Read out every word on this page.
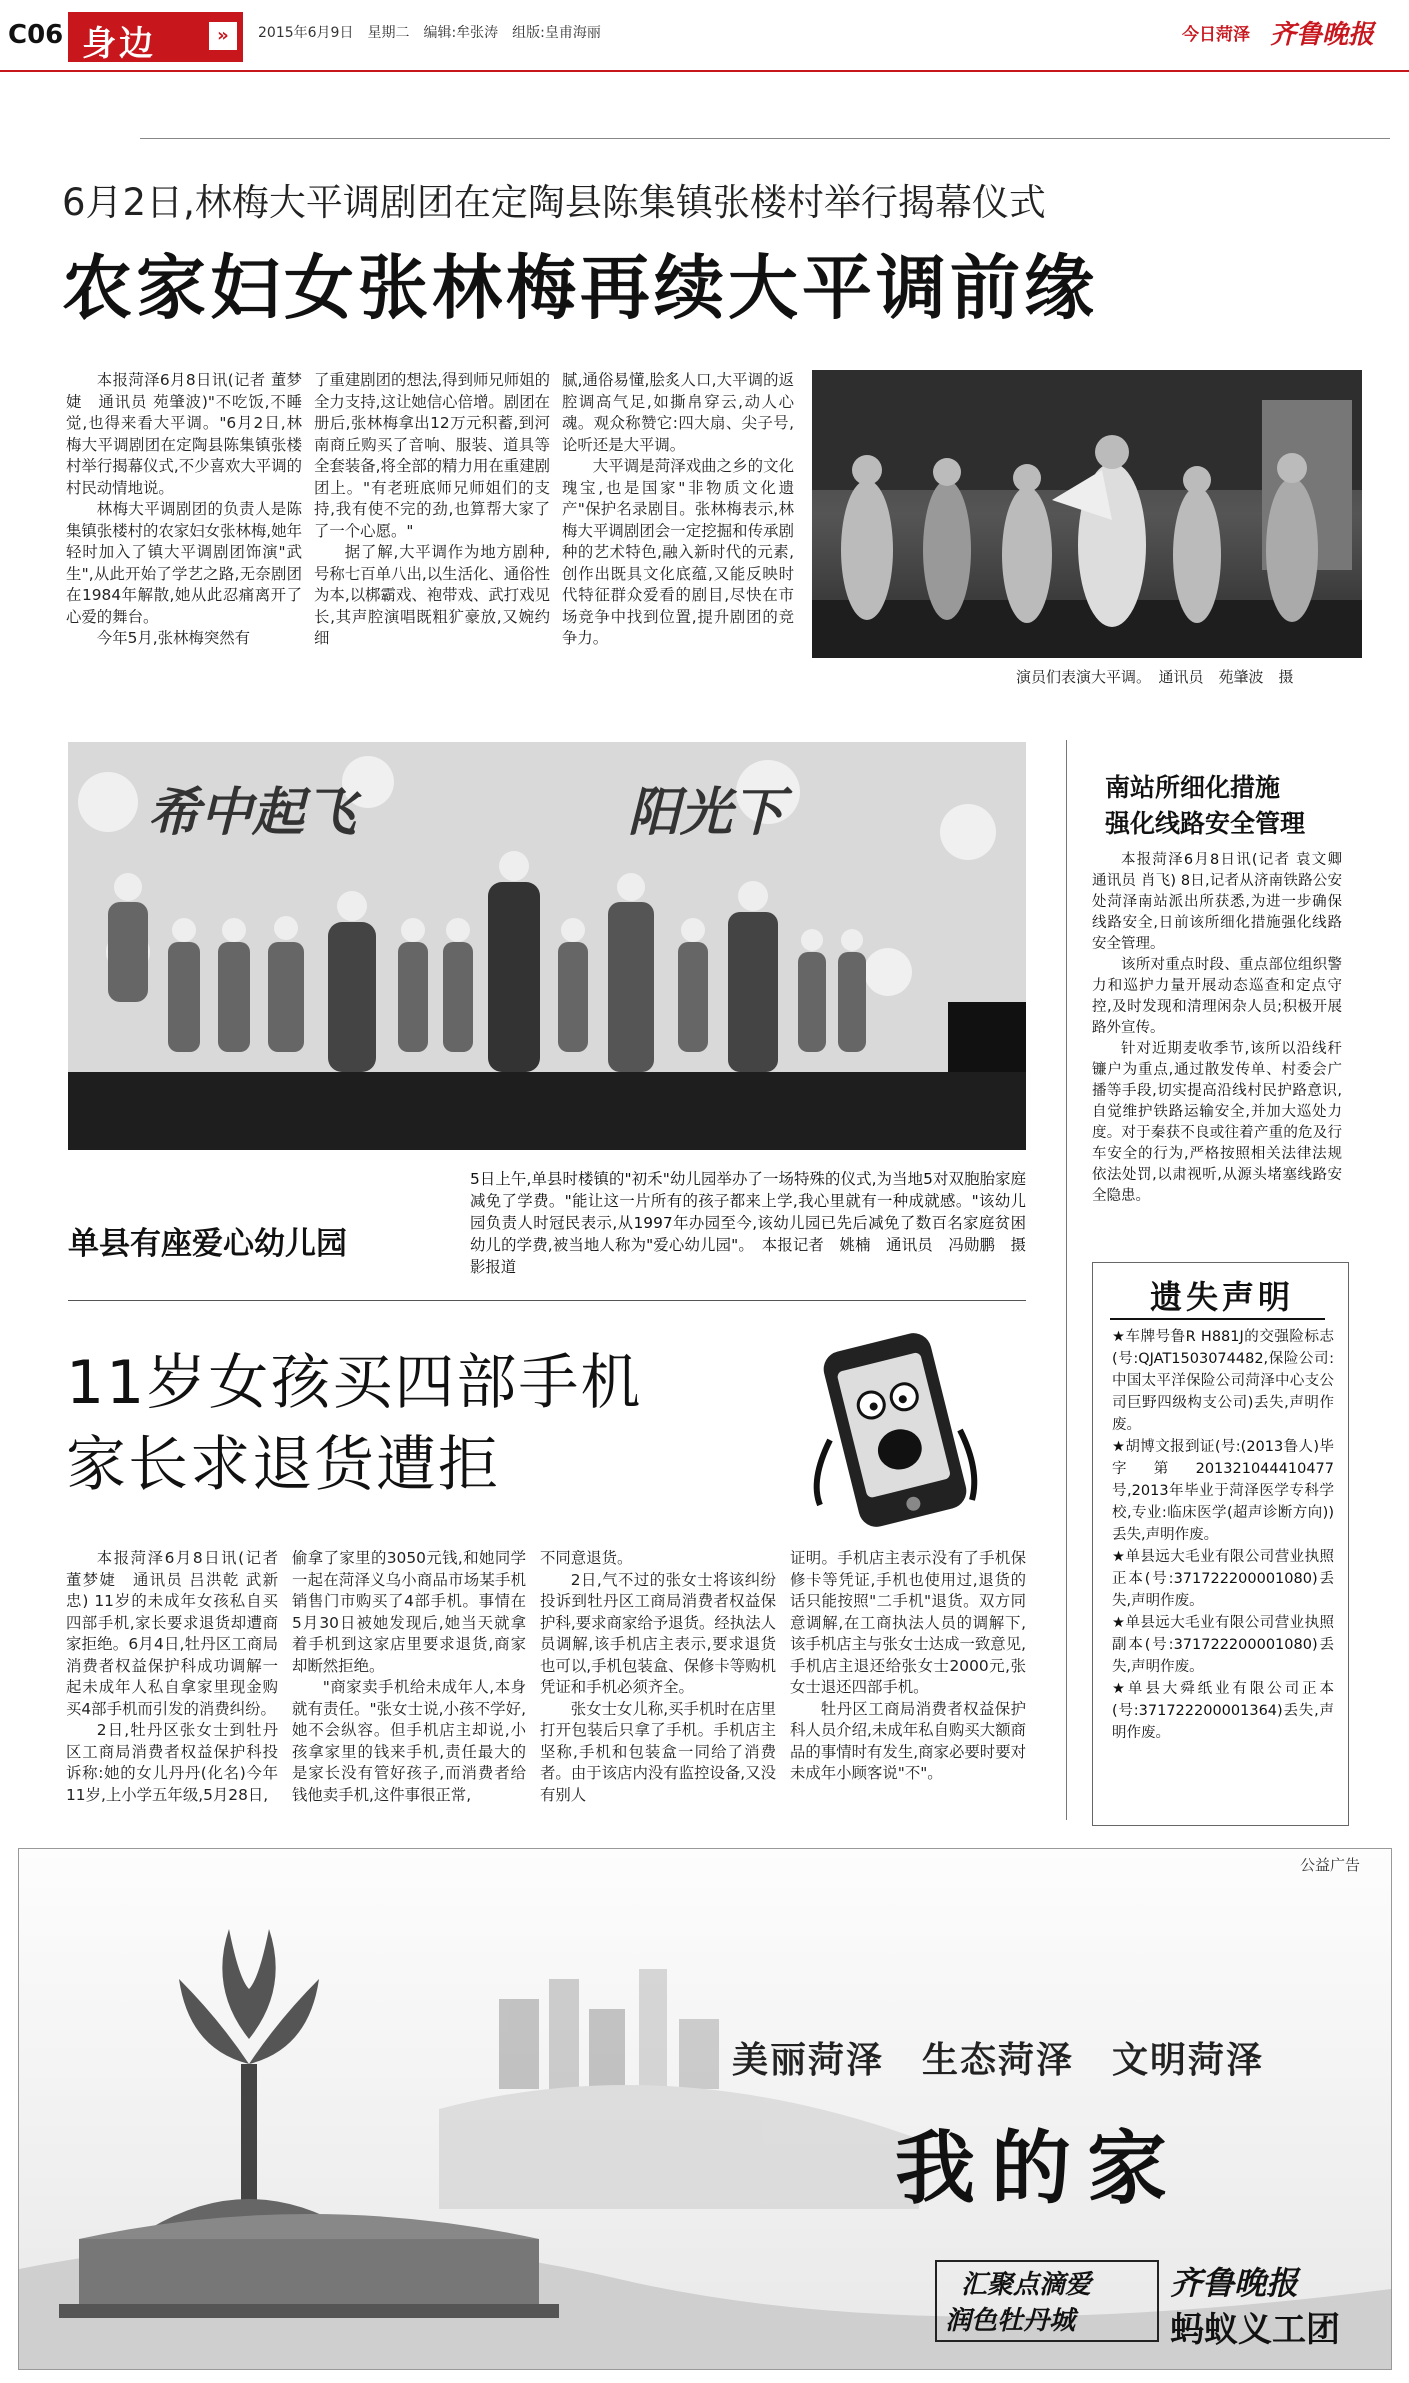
C06 身边	»	2015年6月9日　星期二　编辑:牟张涛　组版:皇甫海丽	今日菏泽 齐鲁晚报
6月2日,林梅大平调剧团在定陶县陈集镇张楼村举行揭幕仪式
农家妇女张林梅再续大平调前缘

本报菏泽6月8日讯(记者 董梦婕　通讯员 苑肇波)"不吃饭,不睡觉,也得来看大平调。"6月2日,林梅大平调剧团在定陶县陈集镇张楼村举行揭幕仪式,不少喜欢大平调的村民动情地说。

林梅大平调剧团的负责人是陈集镇张楼村的农家妇女张林梅,她年轻时加入了镇大平调剧团饰演"武生",从此开始了学艺之路,无奈剧团在1984年解散,她从此忍痛离开了心爱的舞台。

今年5月,张林梅突然有

了重建剧团的想法,得到师兄师姐的全力支持,这让她信心倍增。剧团在册后,张林梅拿出12万元积蓄,到河南商丘购买了音响、服装、道具等全套装备,将全部的精力用在重建剧团上。"有老班底师兄师姐们的支持,我有使不完的劲,也算帮大家了了一个心愿。"

据了解,大平调作为地方剧种,号称七百单八出,以生活化、通俗性为本,以梆霸戏、袍带戏、武打戏见长,其声腔演唱既粗犷豪放,又婉约细

腻,通俗易懂,脍炙人口,大平调的返腔调高气足,如撕帛穿云,动人心魂。观众称赞它:四大扇、尖子号,论听还是大平调。

大平调是菏泽戏曲之乡的文化瑰宝,也是国家"非物质文化遗产"保护名录剧目。张林梅表示,林梅大平调剧团会一定挖掘和传承剧种的艺术特色,融入新时代的元素,创作出既具文化底蕴,又能反映时代特征群众爱看的剧目,尽快在市场竞争中找到位置,提升剧团的竞争力。

演员们表演大平调。　通讯员　苑肇波　摄
希中起飞	阳光下
单县有座爱心幼儿园
5日上午,单县时楼镇的"初禾"幼儿园举办了一场特殊的仪式,为当地5对双胞胎家庭减免了学费。"能让这一片所有的孩子都来上学,我心里就有一种成就感。"该幼儿园负责人时冠民表示,从1997年办园至今,该幼儿园已先后减免了数百名家庭贫困幼儿的学费,被当地人称为"爱心幼儿园"。　本报记者　姚楠　通讯员　冯勋鹏　摄影报道
南站所细化措施
强化线路安全管理

本报菏泽6月8日讯(记者 袁文卿　通讯员 肖飞) 8日,记者从济南铁路公安处菏泽南站派出所获悉,为进一步确保线路安全,日前该所细化措施强化线路安全管理。

该所对重点时段、重点部位组织警力和巡护力量开展动态巡查和定点守控,及时发现和清理闲杂人员;积极开展路外宣传。

针对近期麦收季节,该所以沿线秆镰户为重点,通过散发传单、村委会广播等手段,切实提高沿线村民护路意识,自觉维护铁路运输安全,并加大巡处力度。对于秦获不良或往着产重的危及行车安全的行为,严格按照相关法律法规依法处罚,以肃视听,从源头堵塞线路安全隐患。

遗失声明

★车牌号鲁R H881J的交强险标志(号:QJAT1503074482,保险公司:中国太平洋保险公司菏泽中心支公司巨野四级构支公司)丢失,声明作废。

★胡博文报到证(号:(2013鲁人)毕字第201321044410477号,2013年毕业于菏泽医学专科学校,专业:临床医学(超声诊断方向))丢失,声明作废。

★单县远大毛业有限公司营业执照正本(号:371722200001080)丢失,声明作废。

★单县远大毛业有限公司营业执照副本(号:371722200001080)丢失,声明作废。

★单县大舜纸业有限公司正本(号:371722200001364)丢失,声明作废。

11岁女孩买四部手机
家长求退货遭拒

本报菏泽6月8日讯(记者 董梦婕　通讯员 吕洪乾 武新忠) 11岁的未成年女孩私自买四部手机,家长要求退货却遭商家拒绝。6月4日,牡丹区工商局消费者权益保护科成功调解一起未成年人私自拿家里现金购买4部手机而引发的消费纠纷。

2日,牡丹区张女士到牡丹区工商局消费者权益保护科投诉称:她的女儿丹丹(化名)今年11岁,上小学五年级,5月28日,

偷拿了家里的3050元钱,和她同学一起在菏泽义乌小商品市场某手机销售门市购买了4部手机。事情在5月30日被她发现后,她当天就拿着手机到这家店里要求退货,商家却断然拒绝。

"商家卖手机给未成年人,本身就有责任。"张女士说,小孩不学好,她不会纵容。但手机店主却说,小孩拿家里的钱来手机,责任最大的是家长没有管好孩子,而消费者给钱他卖手机,这件事很正常,

不同意退货。

2日,气不过的张女士将该纠纷投诉到牡丹区工商局消费者权益保护科,要求商家给予退货。经执法人员调解,该手机店主表示,要求退货也可以,手机包装盒、保修卡等购机凭证和手机必须齐全。

张女士女儿称,买手机时在店里打开包装后只拿了手机。手机店主坚称,手机和包装盒一同给了消费者。由于该店内没有监控设备,又没有别人

证明。手机店主表示没有了手机保修卡等凭证,手机也使用过,退货的话只能按照"二手机"退货。双方同意调解,在工商执法人员的调解下,该手机店主与张女士达成一致意见,手机店主退还给张女士2000元,张女士退还四部手机。

牡丹区工商局消费者权益保护科人员介绍,未成年私自购买大额商品的事情时有发生,商家必要时要对未成年小顾客说"不"。

公益广告
美丽菏泽　生态菏泽　文明菏泽
我的家
汇聚点滴爱
润色牡丹城
齐鲁晚报
蚂蚁义工团
